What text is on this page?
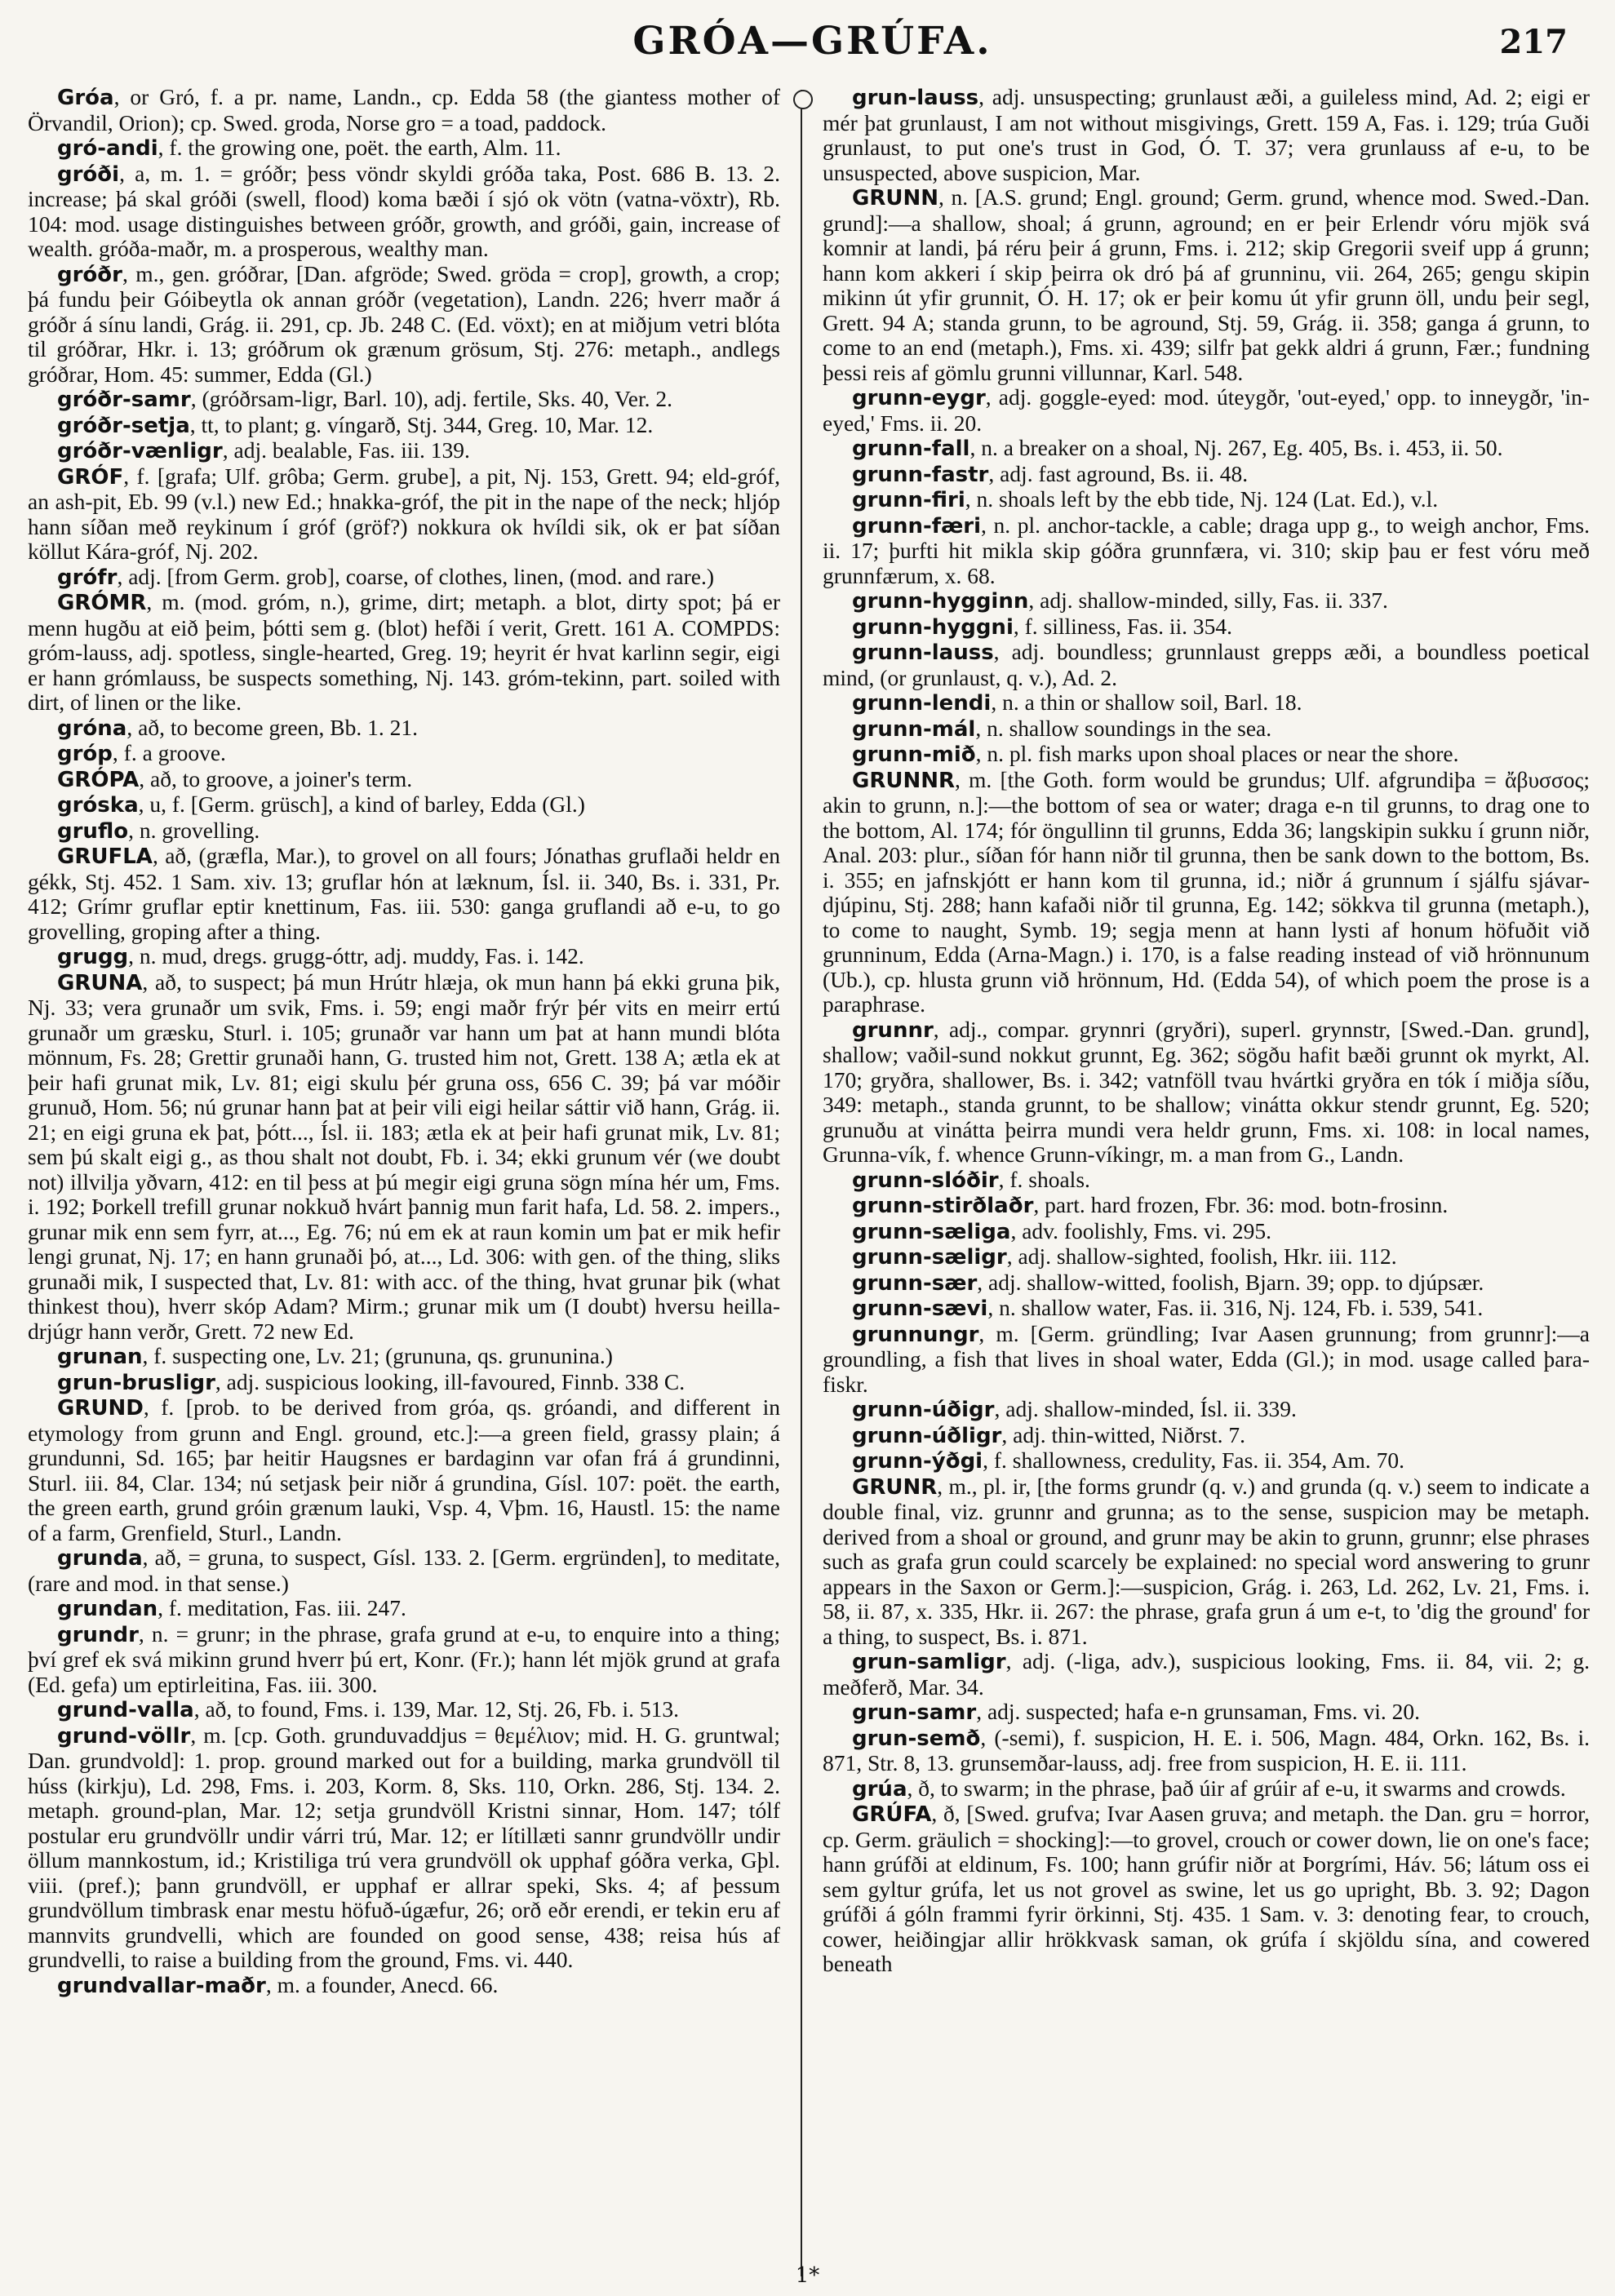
GRÓA—GRÚFA.	217

Gróa, or Gró, f. a pr. name, Landn., cp. Edda 58 (the giantess mother of Örvandil, Orion); cp. Swed. groda, Norse gro = a toad, paddock.

gró-andi, f. the growing one, poët. the earth, Alm. 11.

gróði, a, m. 1. = gróðr; þess vöndr skyldi gróða taka, Post. 686 B. 13. 2. increase; þá skal gróði (swell, flood) koma bæði í sjó ok vötn (vatna-vöxtr), Rb. 104: mod. usage distinguishes between gróðr, growth, and gróði, gain, increase of wealth. gróða-maðr, m. a prosperous, wealthy man.

gróðr, m., gen. gróðrar, [Dan. afgröde; Swed. gröda = crop], growth, a crop; þá fundu þeir Góibeytla ok annan gróðr (vegetation), Landn. 226; hverr maðr á gróðr á sínu landi, Grág. ii. 291, cp. Jb. 248 C. (Ed. vöxt); en at miðjum vetri blóta til gróðrar, Hkr. i. 13; gróðrum ok grænum grösum, Stj. 276: metaph., andlegs gróðrar, Hom. 45: summer, Edda (Gl.)

gróðr-samr, (gróðrsam-ligr, Barl. 10), adj. fertile, Sks. 40, Ver. 2.

gróðr-setja, tt, to plant; g. víngarð, Stj. 344, Greg. 10, Mar. 12.

gróðr-vænligr, adj. bealable, Fas. iii. 139.

GRÓF, f. [grafa; Ulf. grôba; Germ. grube], a pit, Nj. 153, Grett. 94; eld-gróf, an ash-pit, Eb. 99 (v.l.) new Ed.; hnakka-gróf, the pit in the nape of the neck; hljóp hann síðan með reykinum í gróf (gröf?) nokkura ok hvíldi sik, ok er þat síðan köllut Kára-gróf, Nj. 202.

grófr, adj. [from Germ. grob], coarse, of clothes, linen, (mod. and rare.)

GRÓMR, m. (mod. gróm, n.), grime, dirt; metaph. a blot, dirty spot; þá er menn hugðu at eið þeim, þótti sem g. (blot) hefði í verit, Grett. 161 A. COMPDS: gróm-lauss, adj. spotless, single-hearted, Greg. 19; heyrit ér hvat karlinn segir, eigi er hann grómlauss, be suspects something, Nj. 143. gróm-tekinn, part. soiled with dirt, of linen or the like.

gróna, að, to become green, Bb. 1. 21.

gróp, f. a groove.

GRÓPA, að, to groove, a joiner's term.

gróska, u, f. [Germ. grüsch], a kind of barley, Edda (Gl.)

gruflo, n. grovelling.

GRUFLA, að, (græfla, Mar.), to grovel on all fours; Jónathas gruflaði heldr en gékk, Stj. 452. 1 Sam. xiv. 13; gruflar hón at læknum, Ísl. ii. 340, Bs. i. 331, Pr. 412; Grímr gruflar eptir knettinum, Fas. iii. 530: ganga gruflandi að e-u, to go grovelling, groping after a thing.

grugg, n. mud, dregs. grugg-óttr, adj. muddy, Fas. i. 142.

GRUNA, að, to suspect; þá mun Hrútr hlæja, ok mun hann þá ekki gruna þik, Nj. 33; vera grunaðr um svik, Fms. i. 59; engi maðr frýr þér vits en meirr ertú grunaðr um græsku, Sturl. i. 105; grunaðr var hann um þat at hann mundi blóta mönnum, Fs. 28; Grettir grunaði hann, G. trusted him not, Grett. 138 A; ætla ek at þeir hafi grunat mik, Lv. 81; eigi skulu þér gruna oss, 656 C. 39; þá var móðir grunuð, Hom. 56; nú grunar hann þat at þeir vili eigi heilar sáttir við hann, Grág. ii. 21; en eigi gruna ek þat, þótt..., Ísl. ii. 183; ætla ek at þeir hafi grunat mik, Lv. 81; sem þú skalt eigi g., as thou shalt not doubt, Fb. i. 34; ekki grunum vér (we doubt not) illvilja yðvarn, 412: en til þess at þú megir eigi gruna sögn mína hér um, Fms. i. 192; Þorkell trefill grunar nokkuð hvárt þannig mun farit hafa, Ld. 58. 2. impers., grunar mik enn sem fyrr, at..., Eg. 76; nú em ek at raun komin um þat er mik hefir lengi grunat, Nj. 17; en hann grunaði þó, at..., Ld. 306: with gen. of the thing, sliks grunaði mik, I suspected that, Lv. 81: with acc. of the thing, hvat grunar þik (what thinkest thou), hverr skóp Adam? Mirm.; grunar mik um (I doubt) hversu heilla-drjúgr hann verðr, Grett. 72 new Ed.

grunan, f. suspecting one, Lv. 21; (grununa, qs. grununina.)

grun-brusligr, adj. suspicious looking, ill-favoured, Finnb. 338 C.

GRUND, f. [prob. to be derived from gróa, qs. gróandi, and different in etymology from grunn and Engl. ground, etc.]:—a green field, grassy plain; á grundunni, Sd. 165; þar heitir Haugsnes er bardaginn var ofan frá á grundinni, Sturl. iii. 84, Clar. 134; nú setjask þeir niðr á grundina, Gísl. 107: poët. the earth, the green earth, grund gróin grænum lauki, Vsp. 4, Vþm. 16, Haustl. 15: the name of a farm, Grenfield, Sturl., Landn.

grunda, að, = gruna, to suspect, Gísl. 133. 2. [Germ. ergründen], to meditate, (rare and mod. in that sense.)

grundan, f. meditation, Fas. iii. 247.

grundr, n. = grunr; in the phrase, grafa grund at e-u, to enquire into a thing; því gref ek svá mikinn grund hverr þú ert, Konr. (Fr.); hann lét mjök grund at grafa (Ed. gefa) um eptirleitina, Fas. iii. 300.

grund-valla, að, to found, Fms. i. 139, Mar. 12, Stj. 26, Fb. i. 513.

grund-völlr, m. [cp. Goth. grunduvaddjus = θεμέλιον; mid. H. G. gruntwal; Dan. grundvold]: 1. prop. ground marked out for a building, marka grundvöll til húss (kirkju), Ld. 298, Fms. i. 203, Korm. 8, Sks. 110, Orkn. 286, Stj. 134. 2. metaph. ground-plan, Mar. 12; setja grundvöll Kristni sinnar, Hom. 147; tólf postular eru grundvöllr undir várri trú, Mar. 12; er lítillæti sannr grundvöllr undir öllum mannkostum, id.; Kristiliga trú vera grundvöll ok upphaf góðra verka, Gþl. viii. (pref.); þann grundvöll, er upphaf er allrar speki, Sks. 4; af þessum grundvöllum timbrask enar mestu höfuð-úgæfur, 26; orð eðr erendi, er tekin eru af mannvits grundvelli, which are founded on good sense, 438; reisa hús af grundvelli, to raise a building from the ground, Fms. vi. 440.

grundvallar-maðr, m. a founder, Anecd. 66.

grun-lauss, adj. unsuspecting; grunlaust æði, a guileless mind, Ad. 2; eigi er mér þat grunlaust, I am not without misgivings, Grett. 159 A, Fas. i. 129; trúa Guði grunlaust, to put one's trust in God, Ó. T. 37; vera grunlauss af e-u, to be unsuspected, above suspicion, Mar.

GRUNN, n. [A.S. grund; Engl. ground; Germ. grund, whence mod. Swed.-Dan. grund]:—a shallow, shoal; á grunn, aground; en er þeir Erlendr vóru mjök svá komnir at landi, þá réru þeir á grunn, Fms. i. 212; skip Gregorii sveif upp á grunn; hann kom akkeri í skip þeirra ok dró þá af grunninu, vii. 264, 265; gengu skipin mikinn út yfir grunnit, Ó. H. 17; ok er þeir komu út yfir grunn öll, undu þeir segl, Grett. 94 A; standa grunn, to be aground, Stj. 59, Grág. ii. 358; ganga á grunn, to come to an end (metaph.), Fms. xi. 439; silfr þat gekk aldri á grunn, Fær.; fundning þessi reis af gömlu grunni villunnar, Karl. 548.

grunn-eygr, adj. goggle-eyed: mod. úteygðr, 'out-eyed,' opp. to inneygðr, 'in-eyed,' Fms. ii. 20.

grunn-fall, n. a breaker on a shoal, Nj. 267, Eg. 405, Bs. i. 453, ii. 50.

grunn-fastr, adj. fast aground, Bs. ii. 48.

grunn-firi, n. shoals left by the ebb tide, Nj. 124 (Lat. Ed.), v.l.

grunn-færi, n. pl. anchor-tackle, a cable; draga upp g., to weigh anchor, Fms. ii. 17; þurfti hit mikla skip góðra grunnfæra, vi. 310; skip þau er fest vóru með grunnfærum, x. 68.

grunn-hygginn, adj. shallow-minded, silly, Fas. ii. 337.

grunn-hyggni, f. silliness, Fas. ii. 354.

grunn-lauss, adj. boundless; grunnlaust grepps æði, a boundless poetical mind, (or grunlaust, q. v.), Ad. 2.

grunn-lendi, n. a thin or shallow soil, Barl. 18.

grunn-mál, n. shallow soundings in the sea.

grunn-mið, n. pl. fish marks upon shoal places or near the shore.

GRUNNR, m. [the Goth. form would be grundus; Ulf. afgrundiþa = ἄβυσσος; akin to grunn, n.]:—the bottom of sea or water; draga e-n til grunns, to drag one to the bottom, Al. 174; fór öngullinn til grunns, Edda 36; langskipin sukku í grunn niðr, Anal. 203: plur., síðan fór hann niðr til grunna, then be sank down to the bottom, Bs. i. 355; en jafnskjótt er hann kom til grunna, id.; niðr á grunnum í sjálfu sjávar-djúpinu, Stj. 288; hann kafaði niðr til grunna, Eg. 142; sökkva til grunna (metaph.), to come to naught, Symb. 19; segja menn at hann lysti af honum höfuðit við grunninum, Edda (Arna-Magn.) i. 170, is a false reading instead of við hrönnunum (Ub.), cp. hlusta grunn við hrönnum, Hd. (Edda 54), of which poem the prose is a paraphrase.

grunnr, adj., compar. grynnri (gryðri), superl. grynnstr, [Swed.-Dan. grund], shallow; vaðil-sund nokkut grunnt, Eg. 362; sögðu hafit bæði grunnt ok myrkt, Al. 170; gryðra, shallower, Bs. i. 342; vatnföll tvau hvártki gryðra en tók í miðja síðu, 349: metaph., standa grunnt, to be shallow; vinátta okkur stendr grunnt, Eg. 520; grunuðu at vinátta þeirra mundi vera heldr grunn, Fms. xi. 108: in local names, Grunna-vík, f. whence Grunn-víkingr, m. a man from G., Landn.

grunn-slóðir, f. shoals.

grunn-stirðlaðr, part. hard frozen, Fbr. 36: mod. botn-frosinn.

grunn-sæliga, adv. foolishly, Fms. vi. 295.

grunn-sæligr, adj. shallow-sighted, foolish, Hkr. iii. 112.

grunn-sær, adj. shallow-witted, foolish, Bjarn. 39; opp. to djúpsær.

grunn-sævi, n. shallow water, Fas. ii. 316, Nj. 124, Fb. i. 539, 541.

grunnungr, m. [Germ. gründling; Ivar Aasen grunnung; from grunnr]:—a groundling, a fish that lives in shoal water, Edda (Gl.); in mod. usage called þara-fiskr.

grunn-úðigr, adj. shallow-minded, Ísl. ii. 339.

grunn-úðligr, adj. thin-witted, Niðrst. 7.

grunn-ýðgi, f. shallowness, credulity, Fas. ii. 354, Am. 70.

GRUNR, m., pl. ir, [the forms grundr (q. v.) and grunda (q. v.) seem to indicate a double final, viz. grunnr and grunna; as to the sense, suspicion may be metaph. derived from a shoal or ground, and grunr may be akin to grunn, grunnr; else phrases such as grafa grun could scarcely be explained: no special word answering to grunr appears in the Saxon or Germ.]:—suspicion, Grág. i. 263, Ld. 262, Lv. 21, Fms. i. 58, ii. 87, x. 335, Hkr. ii. 267: the phrase, grafa grun á um e-t, to 'dig the ground' for a thing, to suspect, Bs. i. 871.

grun-samligr, adj. (-liga, adv.), suspicious looking, Fms. ii. 84, vii. 2; g. meðferð, Mar. 34.

grun-samr, adj. suspected; hafa e-n grunsaman, Fms. vi. 20.

grun-semð, (-semi), f. suspicion, H. E. i. 506, Magn. 484, Orkn. 162, Bs. i. 871, Str. 8, 13. grunsemðar-lauss, adj. free from suspicion, H. E. ii. 111.

grúa, ð, to swarm; in the phrase, það úir af grúir af e-u, it swarms and crowds.

GRÚFA, ð, [Swed. grufva; Ivar Aasen gruva; and metaph. the Dan. gru = horror, cp. Germ. gräulich = shocking]:—to grovel, crouch or cower down, lie on one's face; hann grúfði at eldinum, Fs. 100; hann grúfir niðr at Þorgrími, Háv. 56; látum oss ei sem gyltur grúfa, let us not grovel as swine, let us go upright, Bb. 3. 92; Dagon grúfði á góln frammi fyrir örkinni, Stj. 435. 1 Sam. v. 3: denoting fear, to crouch, cower, heiðingjar allir hrökkvask saman, ok grúfa í skjöldu sína, and cowered beneath

1*
